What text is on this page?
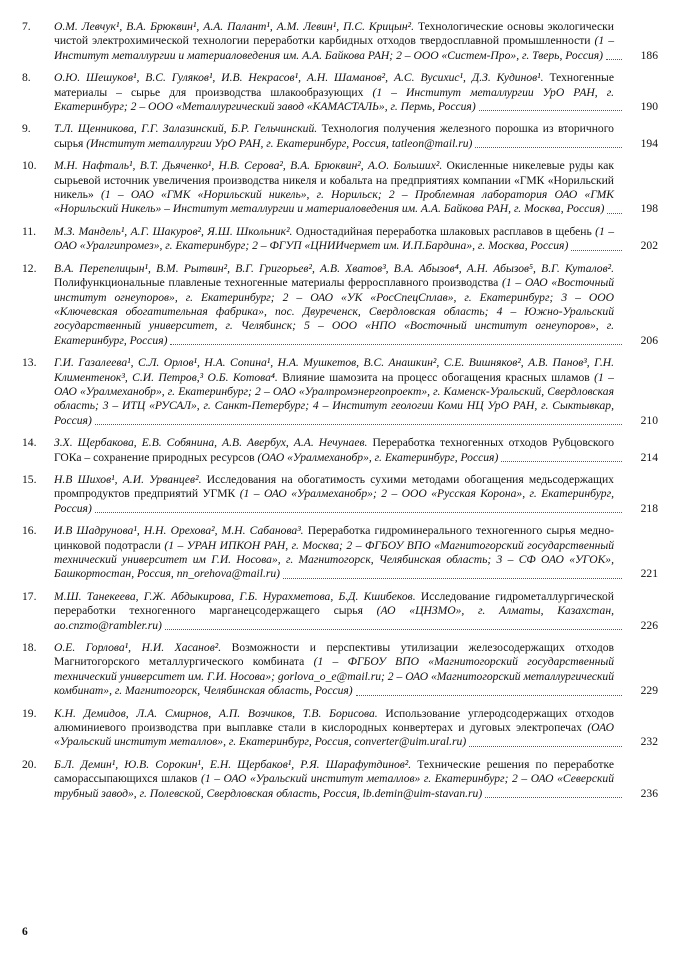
7.	О.М. Левчук¹, В.А. Брюквин¹, А.А. Палант¹, А.М. Левин¹, П.С. Крицын². Технологические основы экологически чистой электрохимической технологии переработки карбидных отходов твердосплавной промышленности (1 – Институт металлургии и материаловедения им. А.А. Байкова РАН; 2 – ООО «Систем-Про», г. Тверь, Россия)	186
8.	О.Ю. Шешуков¹, В.С. Гуляков¹, И.В. Некрасов¹, А.Н. Шаманов², А.С. Вусихис¹, Д.З. Кудинов¹. Техногенные материалы – сырье для производства шлакообразующих (1 – Институт металлургии УрО РАН, г. Екатеринбург; 2 – ООО «Металлургический завод «КАМАСТАЛЬ», г. Пермь, Россия)	190
9.	Т.Л. Щенникова, Г.Г. Залазинский, Б.Р. Гельчинский. Технология получения железного порошка из вторичного сырья (Институт металлургии УрО РАН, г. Екатеринбург, Россия, tatleon@mail.ru)	194
10.	М.Н. Нафталь¹, В.Т. Дьяченко¹, Н.В. Серова², В.А. Брюквин², А.О. Больших². Окисленные никелевые руды как сырьевой источник увеличения производства никеля и кобальта на предприятиях компании «ГМК «Норильский никель» (1 – ОАО «ГМК «Норильский никель», г. Норильск; 2 – Проблемная лаборатория ОАО «ГМК «Норильский Никель» – Институт металлургии и материаловедения им. А.А. Байкова РАН, г. Москва, Россия)	198
11.	М.З. Мандель¹, А.Г. Шакуров², Я.Ш. Школьник². Одностадийная переработка шлаковых расплавов в щебень (1 – ОАО «Уралгипромез», г. Екатеринбург; 2 – ФГУП «ЦНИИчермет им. И.П.Бардина», г. Москва, Россия)	202
12.	В.А. Перепелицын¹, В.М. Рытвин², В.Г. Григорьев², А.В. Хватов³, В.А. Абызов⁴, А.Н. Абызов⁵, В.Г. Куталов². Полифункциональные плавленые техногенные материалы ферросплавного производства (1 – ОАО «Восточный институт огнеупоров», г. Екатеринбург; 2 – ОАО «УК «РосСпецСплав», г. Екатеринбург; 3 – ООО «Ключевская обогатительная фабрика», пос. Двуреченск, Свердловская область; 4 – Южно-Уральский государственный университет, г. Челябинск; 5 – ООО «НПО «Восточный институт огнеупоров», г. Екатеринбург, Россия)	206
13.	Г.И. Газалеева¹, С.Л. Орлов¹, Н.А. Сопина¹, Н.А. Мушкетов, В.С. Анашкин², С.Е. Вишняков², А.В. Панов³, Г.Н. Климентенок³, С.И. Петров,³ О.Б. Котова⁴. Влияние шамозита на процесс обогащения красных шламов (1 – ОАО «Уралмеханобр», г. Екатеринбург; 2 – ОАО «Уралпромэнергопроект», г. Каменск-Уральский, Свердловская область; 3 – ИТЦ «РУСАЛ», г. Санкт-Петербург; 4 – Институт геологии Коми НЦ УрО РАН, г. Сыктывкар, Россия)	210
14.	З.Х. Щербакова, Е.В. Собянина, А.В. Авербух, А.А. Нечунаев. Переработка техногенных отходов Рубцовского ГОКа – сохранение природных ресурсов (ОАО «Уралмеханобр», г. Екатеринбург, Россия)	214
15.	Н.В Шихов¹, А.И. Урванцев². Исследования на обогатимость сухими методами обогащения медьсодержащих промпродуктов предприятий УГМК (1 – ОАО «Уралмеханобр»; 2 – ООО «Русская Корона», г. Екатеринбург, Россия)	218
16.	И.В Шадрунова¹, Н.Н. Орехова², М.Н. Сабанова³. Переработка гидроминерального техногенного сырья медно-цинковой подотрасли (1 – УРАН ИПКОН РАН, г. Москва; 2 – ФГБОУ ВПО «Магнитогорский государственный технический университет им Г.И. Носова», г. Магнитогорск, Челябинская область; 3 – СФ ОАО «УГОК», Башкортостан, Россия, nn_orehova@mail.ru)	221
17.	М.Ш. Танекеева, Г.Ж. Абдыкирова, Г.Б. Нурахметова, Б.Д. Кшибеков. Исследование гидрометаллургической переработки техногенного марганецсодержащего сырья (АО «ЦНЗМО», г. Алматы, Казахстан, ao.cnzmo@rambler.ru)	226
18.	О.Е. Горлова¹, Н.И. Хасанов². Возможности и перспективы утилизации железосодержащих отходов Магнитогорского металлургического комбината (1 – ФГБОУ ВПО «Магнитогорский государственный технический университет им. Г.И. Носова»; gorlova_o_e@mail.ru; 2 – ОАО «Магнитогорский металлургический комбинат», г. Магнитогорск, Челябинская область, Россия)	229
19.	К.Н. Демидов, Л.А. Смирнов, А.П. Возчиков, Т.В. Борисова. Использование углеродсодержащих отходов алюминиевого производства при выплавке стали в кислородных конвертерах и дуговых электропечах (ОАО «Уральский институт металлов», г. Екатеринбург, Россия, converter@uim.ural.ru)	232
20.	Б.Л. Демин¹, Ю.В. Сорокин¹, Е.Н. Щербаков¹, Р.Я. Шарафутдинов². Технические решения по переработке саморассыпающихся шлаков (1 – ОАО «Уральский институт металлов» г. Екатеринбург; 2 – ОАО «Северский трубный завод», г. Полевской, Свердловская область, Россия, lb.demin@uim-stavan.ru)	236
6
